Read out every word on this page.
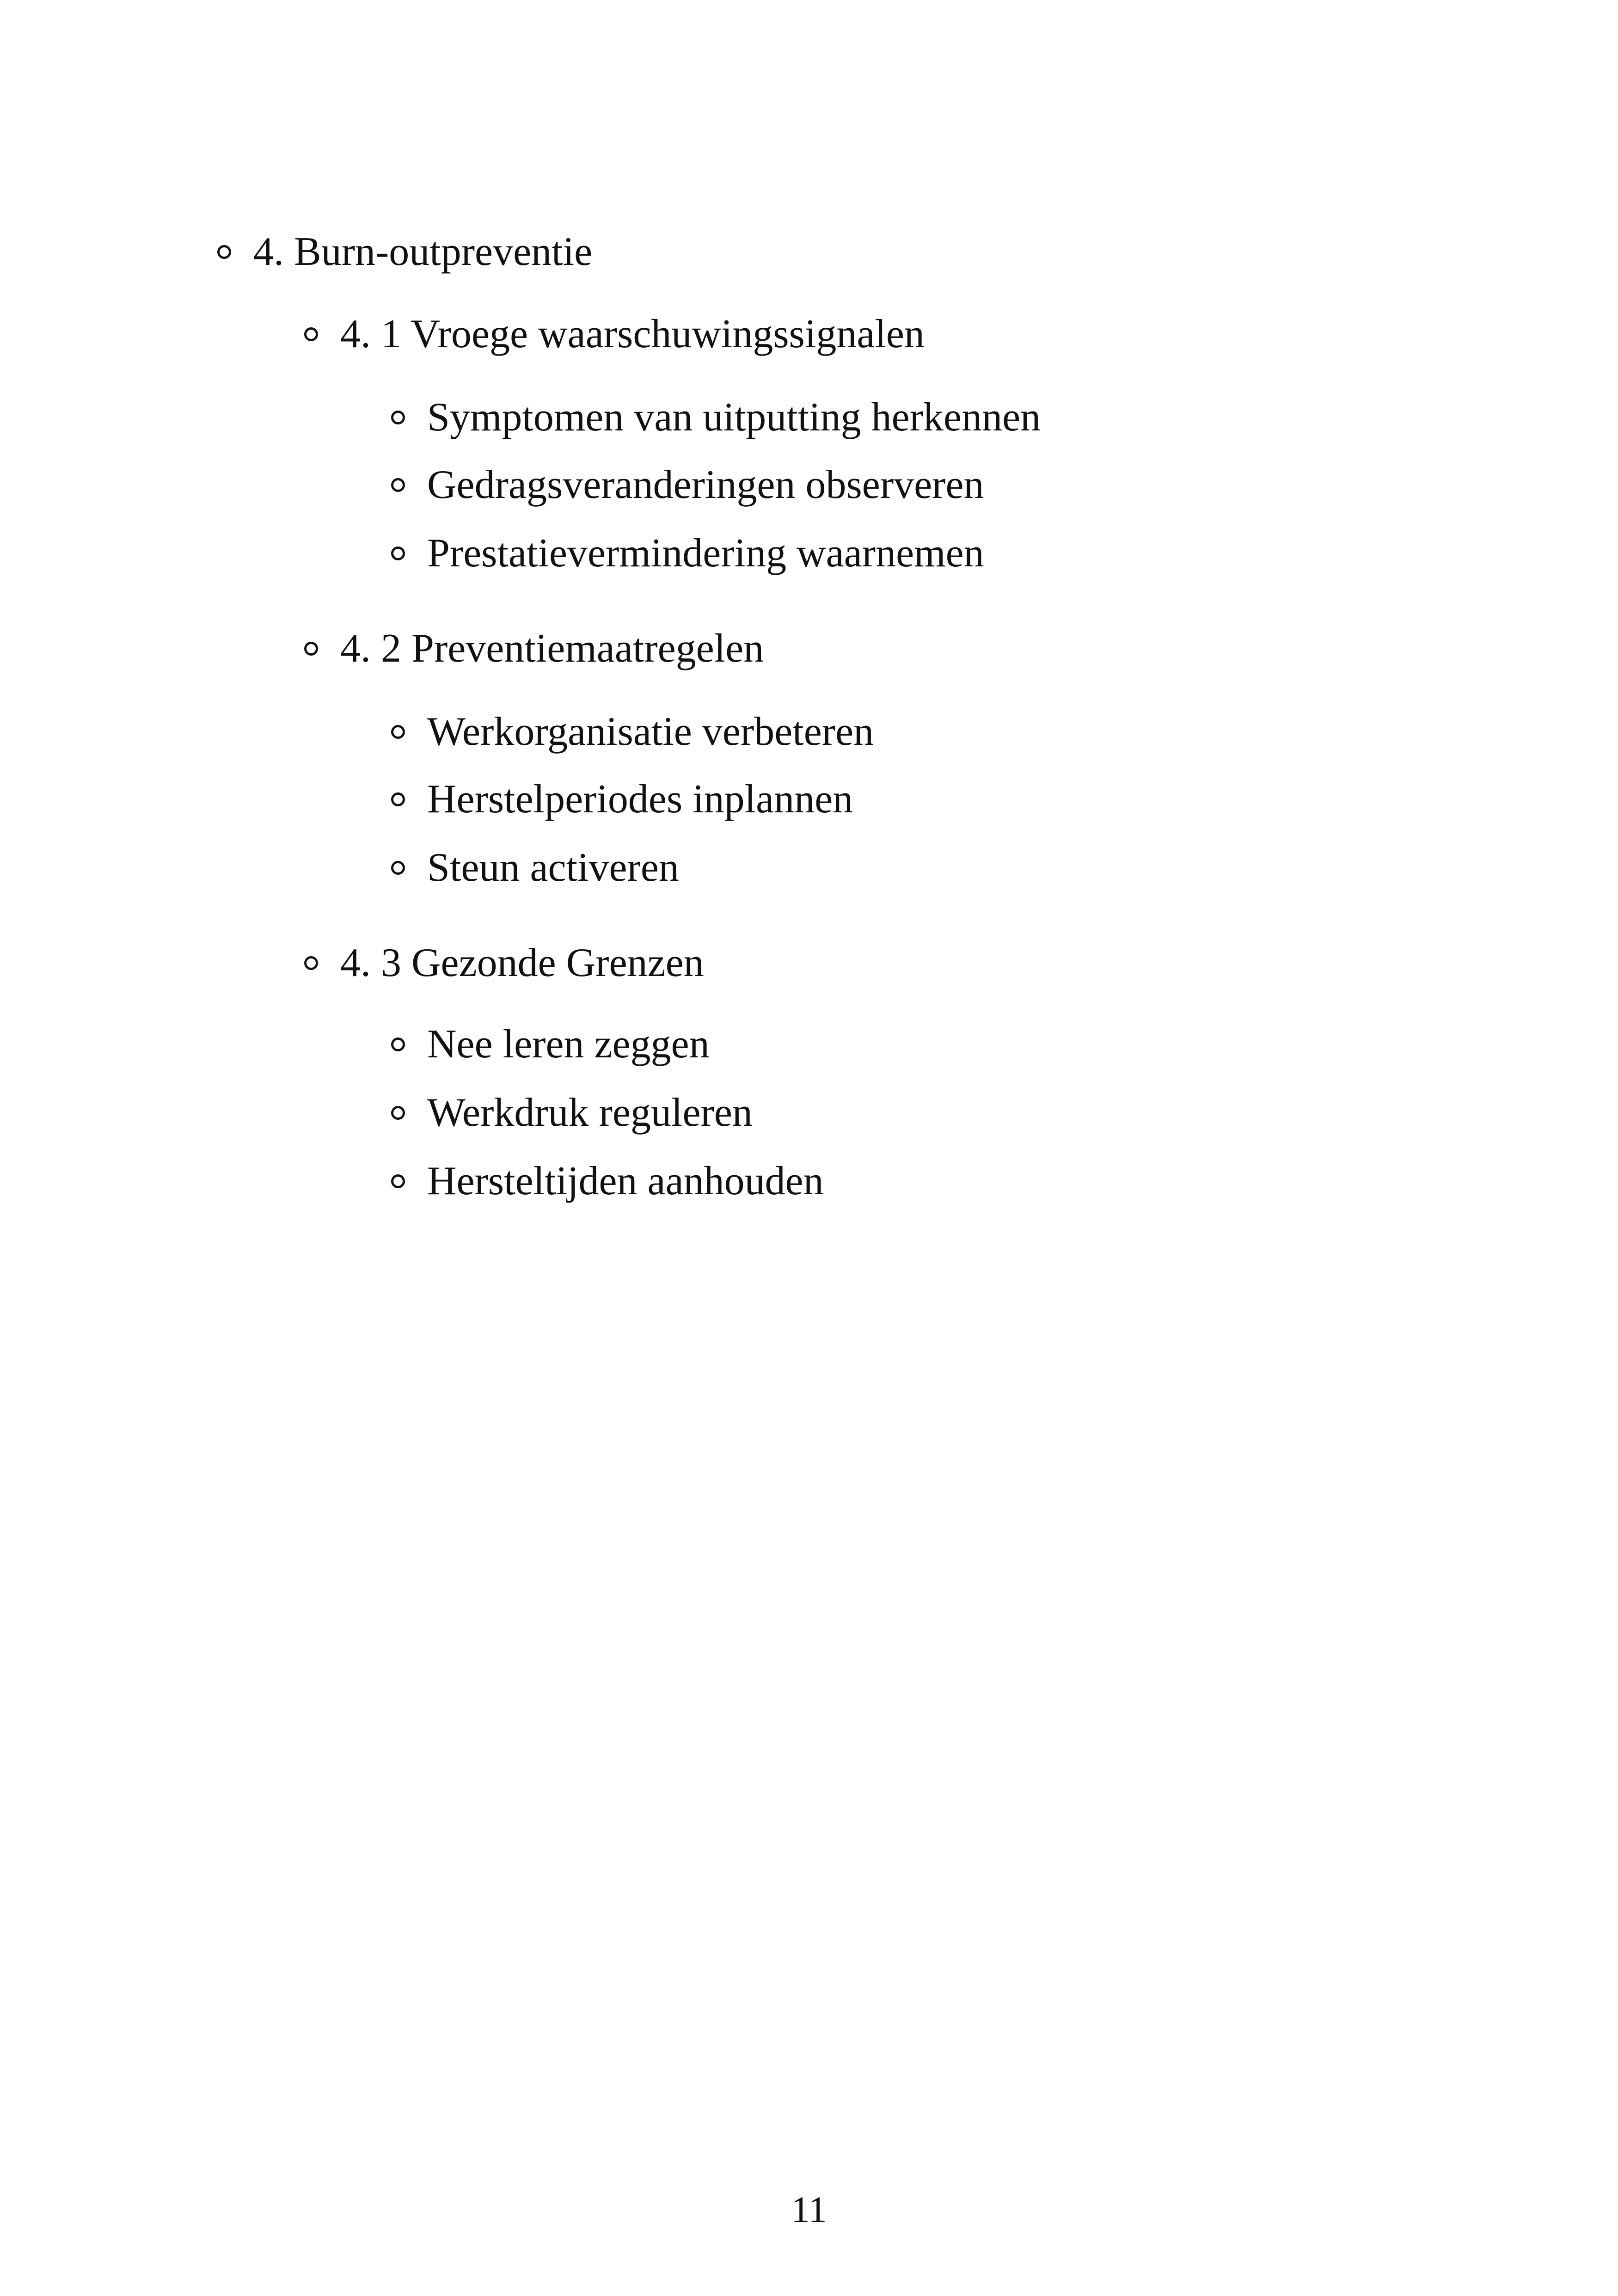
4. Burn-outpreventie
4. 1 Vroege waarschuwingssignalen
Symptomen van uitputting herkennen
Gedragsveranderingen observeren
Prestatievermindering waarnemen
4. 2 Preventiemaatregelen
Werkorganisatie verbeteren
Herstelperiodes inplannen
Steun activeren
4. 3 Gezonde Grenzen
Nee leren zeggen
Werkdruk reguleren
Hersteltijden aanhouden
11
